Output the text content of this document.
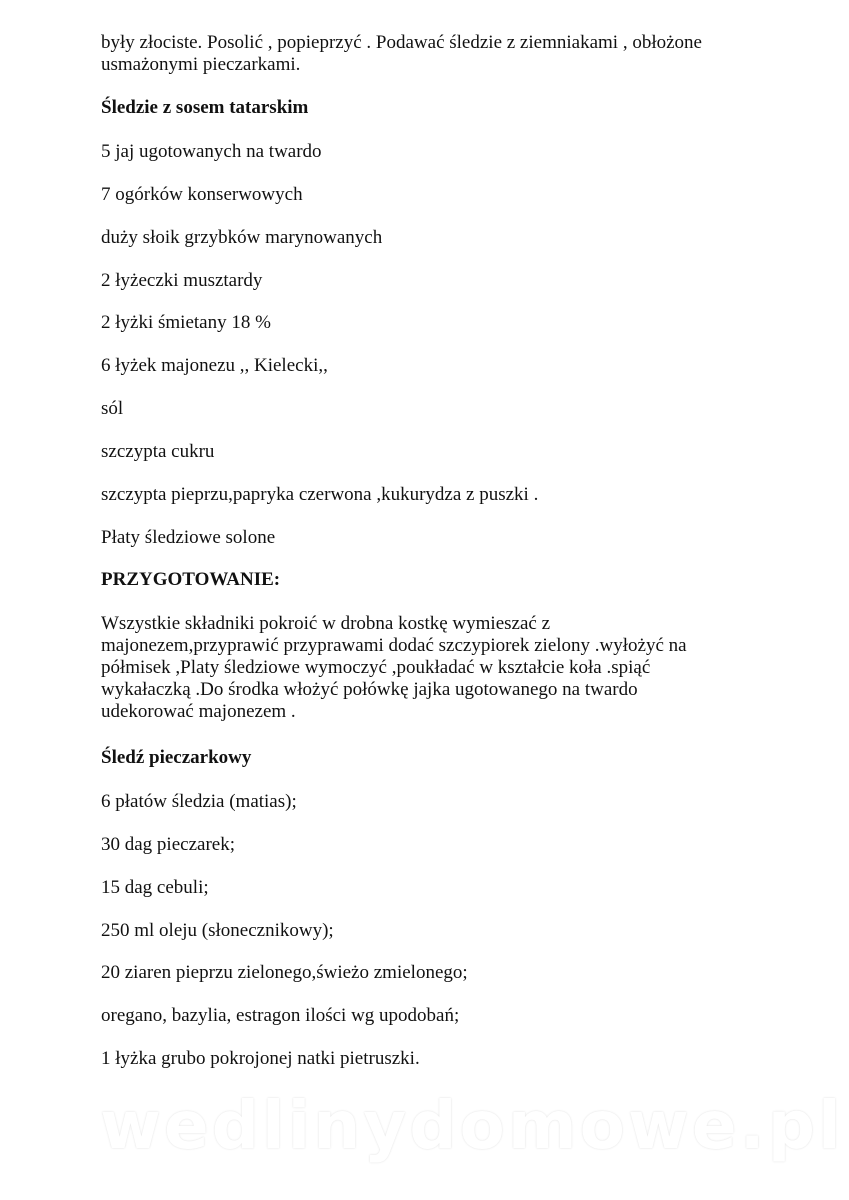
były złociste. Posolić , popieprzyć . Podawać śledzie z ziemniakami , obłożone
usmażonymi pieczarkami.
Śledzie z sosem tatarskim
5 jaj ugotowanych na twardo
7 ogórków konserwowych
duży słoik grzybków marynowanych
2 łyżeczki musztardy
2 łyżki śmietany 18 %
6 łyżek majonezu ,, Kielecki,,
sól
szczypta cukru
szczypta pieprzu,papryka czerwona ,kukurydza z puszki .
Płaty śledziowe solone
PRZYGOTOWANIE:
Wszystkie składniki pokroić w drobna kostkę wymieszać z
majonezem,przyprawić przyprawami dodać szczypiorek zielony .wyłożyć na
półmisek ,Platy śledziowe wymoczyć ,poukładać w kształcie koła .spiąć
wykałaczką .Do środka włożyć połówkę jajka ugotowanego na twardo
udekorować majonezem .
Śledź pieczarkowy
6 płatów śledzia (matias);
30 dag pieczarek;
15 dag cebuli;
250 ml oleju (słonecznikowy);
20 ziaren pieprzu zielonego,świeżo zmielonego;
oregano, bazylia, estragon ilości wg upodobań;
1 łyżka grubo pokrojonej natki pietruszki.
wedlinydomowe.pl
